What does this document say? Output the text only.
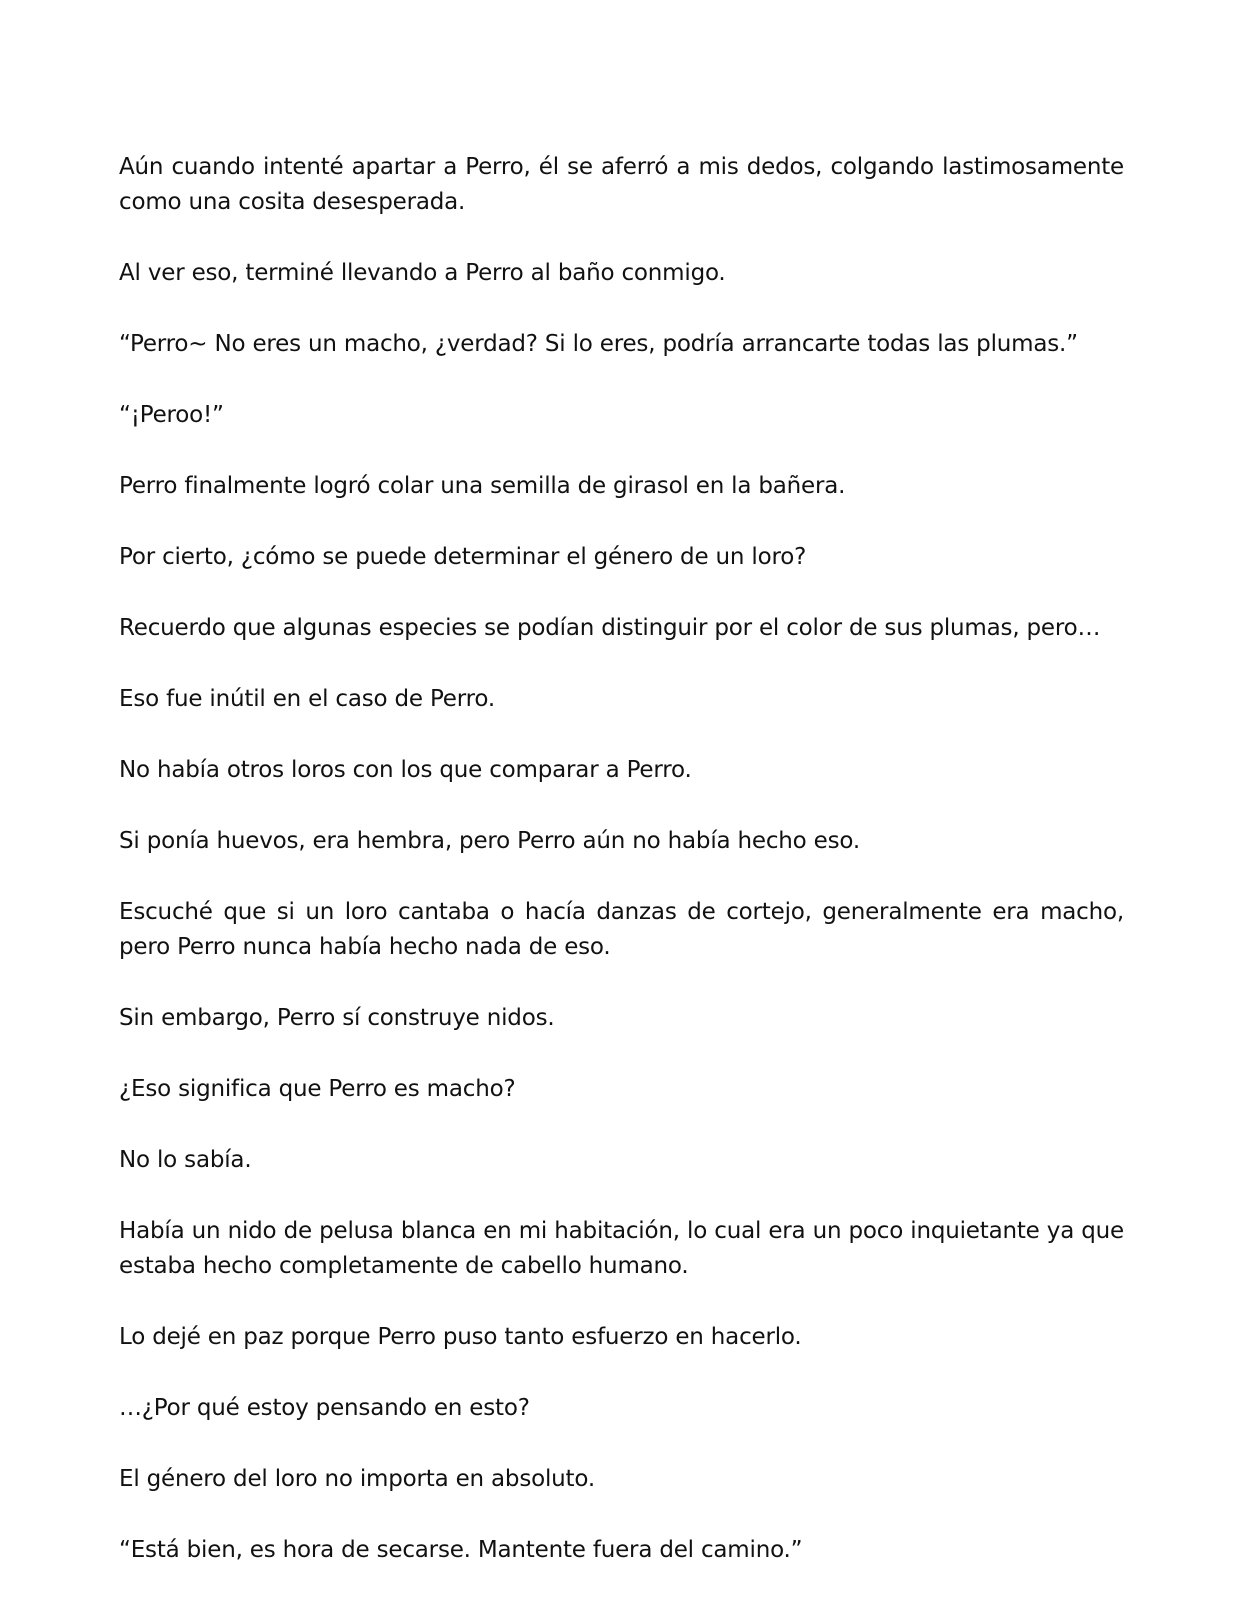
Aún cuando intenté apartar a Perro, él se aferró a mis dedos, colgando lastimosamente como una cosita desesperada.

Al ver eso, terminé llevando a Perro al baño conmigo.

“Perro~ No eres un macho, ¿verdad? Si lo eres, podría arrancarte todas las plumas.”

“¡Peroo!”

Perro finalmente logró colar una semilla de girasol en la bañera.

Por cierto, ¿cómo se puede determinar el género de un loro?

Recuerdo que algunas especies se podían distinguir por el color de sus plumas, pero…

Eso fue inútil en el caso de Perro.

No había otros loros con los que comparar a Perro.

Si ponía huevos, era hembra, pero Perro aún no había hecho eso.

Escuché que si un loro cantaba o hacía danzas de cortejo, generalmente era macho, pero Perro nunca había hecho nada de eso.

Sin embargo, Perro sí construye nidos.

¿Eso significa que Perro es macho?

No lo sabía.

Había un nido de pelusa blanca en mi habitación, lo cual era un poco inquietante ya que estaba hecho completamente de cabello humano.

Lo dejé en paz porque Perro puso tanto esfuerzo en hacerlo.

…¿Por qué estoy pensando en esto?

El género del loro no importa en absoluto.

“Está bien, es hora de secarse. Mantente fuera del camino.”
